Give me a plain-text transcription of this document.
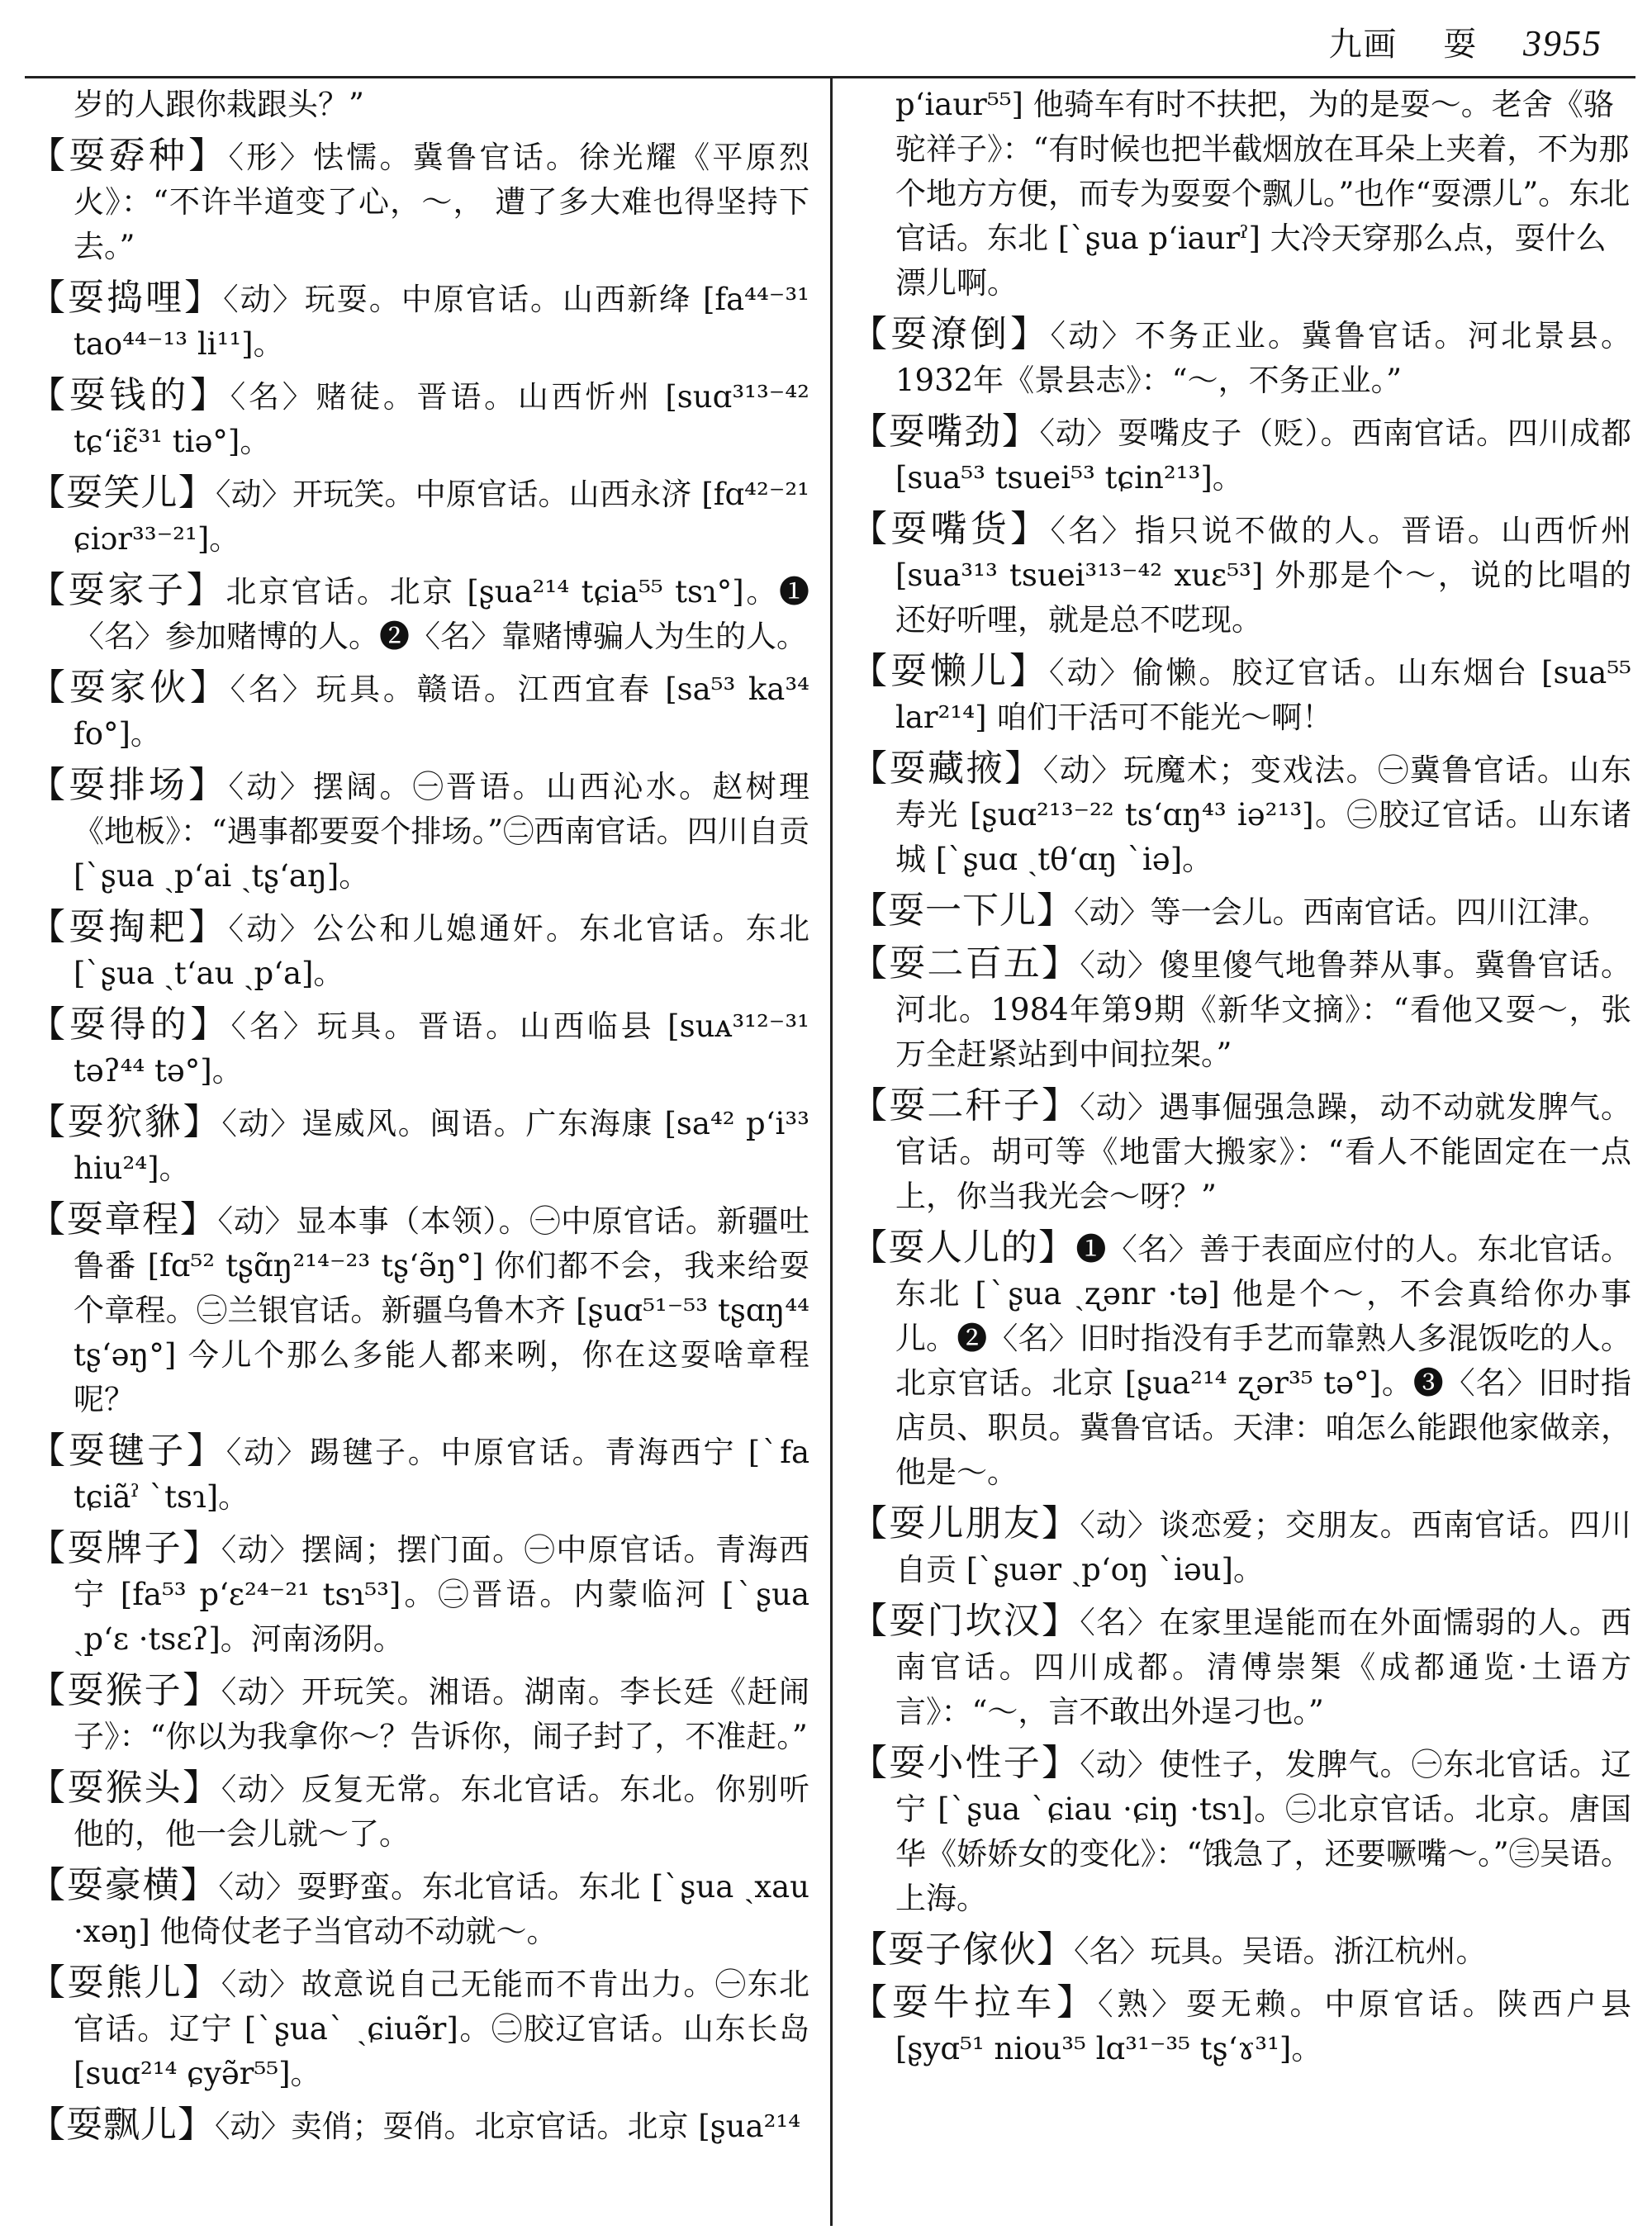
九画 耍 3955
岁的人跟你栽跟头？”
【耍孬种】〈形〉怯懦。冀鲁官话。徐光耀《平原烈火》：“不许半道变了心，～， 遭了多大难也得坚持下去。”
【耍捣哩】〈动〉玩耍。中原官话。山西新绛 [fa⁴⁴⁻³¹ tao⁴⁴⁻¹³ li¹¹]。
【耍钱的】〈名〉赌徒。晋语。山西忻州 [suɑ³¹³⁻⁴² tɕʻiɛ̃³¹ tiə°]。
【耍笑儿】〈动〉开玩笑。中原官话。山西永济 [fɑ⁴²⁻²¹ ɕiɔr³³⁻²¹]。
【耍家子】北京官话。北京 [ʂua²¹⁴ tɕia⁵⁵ tsɿ°]。❶〈名〉参加赌博的人。❷〈名〉靠赌博骗人为生的人。
【耍家伙】〈名〉玩具。赣语。江西宜春 [sa⁵³ ka³⁴ fo°]。
【耍排场】〈动〉摆阔。㊀晋语。山西沁水。赵树理《地板》：“遇事都要耍个排场。”㊁西南官话。四川自贡 [ˋʂua ˏpʻai ˏtʂʻaŋ]。
【耍掏耙】〈动〉公公和儿媳通奸。东北官话。东北 [ˋʂua ˏtʻau ˏpʻa]。
【耍得的】〈名〉玩具。晋语。山西临县 [suᴀ³¹²⁻³¹ təʔ⁴⁴ tə°]。
【耍狖貅】〈动〉逞威风。闽语。广东海康 [sa⁴² pʻi³³ hiu²⁴]。
【耍章程】〈动〉显本事（本领）。㊀中原官话。新疆吐鲁番 [fɑ⁵² tʂɑ̃ŋ²¹⁴⁻²³ tʂʻə̃ŋ°] 你们都不会，我来给耍个章程。㊁兰银官话。新疆乌鲁木齐 [ʂuɑ⁵¹⁻⁵³ tʂɑŋ⁴⁴ tʂʻəŋ°] 今儿个那么多能人都来咧，你在这耍啥章程呢？
【耍毽子】〈动〉踢毽子。中原官话。青海西宁 [ˋfa tɕiãˀ ˋtsɿ]。
【耍牌子】〈动〉摆阔；摆门面。㊀中原官话。青海西宁 [fa⁵³ pʻɛ²⁴⁻²¹ tsɿ⁵³]。㊁晋语。内蒙临河 [ˋʂua ˏpʻɛ ·tsɛʔ]。河南汤阴。
【耍猴子】〈动〉开玩笑。湘语。湖南。李长廷《赶闹子》：“你以为我拿你～？告诉你，闹子封了，不准赶。”
【耍猴头】〈动〉反复无常。东北官话。东北。你别听他的，他一会儿就～了。
【耍豪横】〈动〉耍野蛮。东北官话。东北 [ˋʂua ˏxau ·xəŋ] 他倚仗老子当官动不动就～。
【耍熊儿】〈动〉故意说自己无能而不肯出力。㊀东北官话。辽宁 [ˋʂuaˋ ˏɕiuə̃r]。㊁胶辽官话。山东长岛 [suɑ²¹⁴ ɕyə̃r⁵⁵]。
【耍飘儿】〈动〉卖俏；耍俏。北京官话。北京 [ʂua²¹⁴
pʻiaur⁵⁵] 他骑车有时不扶把，为的是耍～。老舍《骆驼祥子》：“有时候也把半截烟放在耳朵上夹着，不为那个地方方便，而专为耍耍个飘儿。”也作“耍漂儿”。东北官话。东北 [ˋʂua pʻiaurˀ] 大冷天穿那么点，耍什么漂儿啊。
【耍潦倒】〈动〉不务正业。冀鲁官话。河北景县。1932年《景县志》：“～，不务正业。”
【耍嘴劲】〈动〉耍嘴皮子（贬）。西南官话。四川成都 [sua⁵³ tsuei⁵³ tɕin²¹³]。
【耍嘴货】〈名〉指只说不做的人。晋语。山西忻州 [sua³¹³ tsuei³¹³⁻⁴² xuɛ⁵³] 外那是个～，说的比唱的还好听哩，就是总不呓现。
【耍懒儿】〈动〉偷懒。胶辽官话。山东烟台 [sua⁵⁵ lar²¹⁴] 咱们干活可不能光～啊！
【耍藏掖】〈动〉玩魔术；变戏法。㊀冀鲁官话。山东寿光 [ʂuɑ²¹³⁻²² tsʻɑŋ⁴³ iə²¹³]。㊁胶辽官话。山东诸城 [ˋʂuɑ ˏtθʻɑŋ ˋiə]。
【耍一下儿】〈动〉等一会儿。西南官话。四川江津。
【耍二百五】〈动〉傻里傻气地鲁莽从事。冀鲁官话。河北。1984年第9期《新华文摘》：“看他又耍～，张万全赶紧站到中间拉架。”
【耍二秆子】〈动〉遇事倔强急躁，动不动就发脾气。官话。胡可等《地雷大搬家》：“看人不能固定在一点上，你当我光会～呀？”
【耍人儿的】❶〈名〉善于表面应付的人。东北官话。东北 [ˋʂua ˏʐənr ·tə] 他是个～，不会真给你办事儿。❷〈名〉旧时指没有手艺而靠熟人多混饭吃的人。北京官话。北京 [ʂua²¹⁴ ʐər³⁵ tə°]。❸〈名〉旧时指店员、职员。冀鲁官话。天津：咱怎么能跟他家做亲，他是～。
【耍儿朋友】〈动〉谈恋爱；交朋友。西南官话。四川自贡 [ˋʂuər ˏpʻoŋ ˋiəu]。
【耍门坎汉】〈名〉在家里逞能而在外面懦弱的人。西南官话。四川成都。清傅崇榘《成都通览·土语方言》：“～，言不敢出外逞刁也。”
【耍小性子】〈动〉使性子，发脾气。㊀东北官话。辽宁 [ˋʂua ˋɕiau ·ɕiŋ ·tsɿ]。㊁北京官话。北京。唐国华《娇娇女的变化》：“饿急了，还要噘嘴～。”㊂吴语。上海。
【耍子傢伙】〈名〉玩具。吴语。浙江杭州。
【耍牛拉车】〈熟〉耍无赖。中原官话。陕西户县 [ʂyɑ⁵¹ niou³⁵ lɑ³¹⁻³⁵ tʂʻɤ³¹]。
